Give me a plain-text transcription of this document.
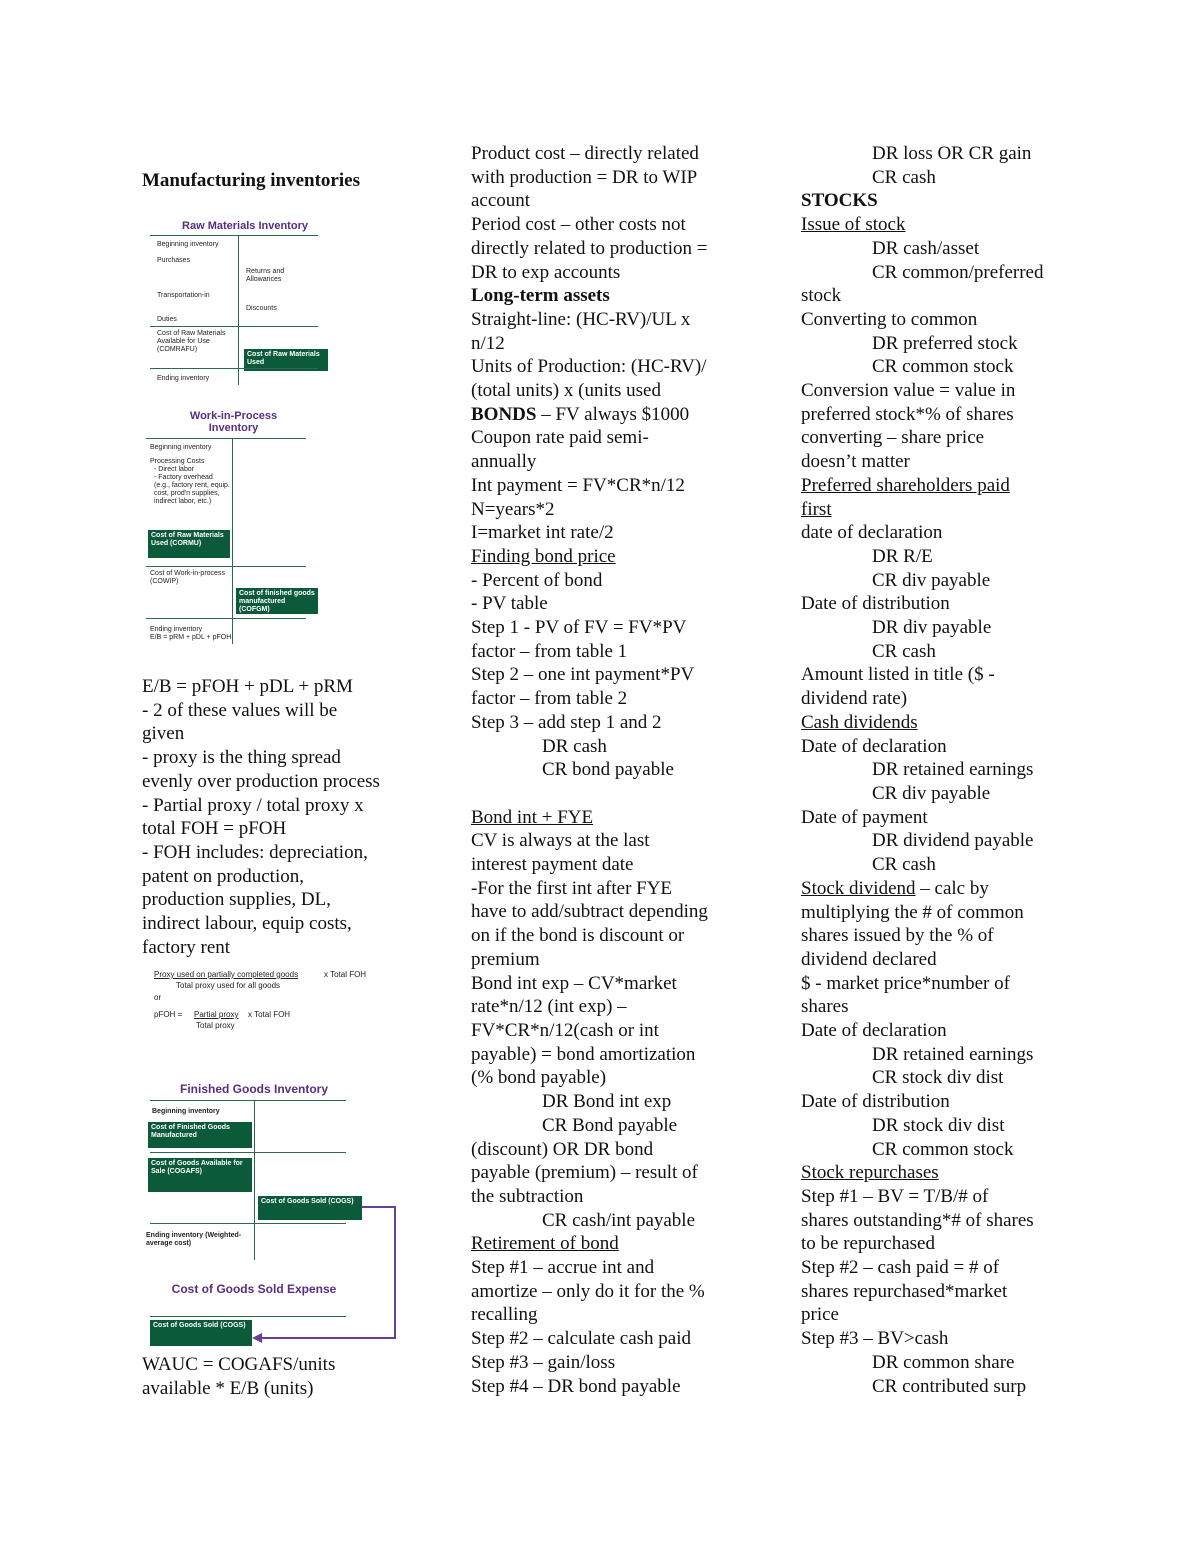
Manufacturing inventories
Raw Materials Inventory
Beginning inventory
Purchases
Returns and Allowances
Transportation-in
Discounts
Duties
Cost of Raw Materials Available for Use (COMRAFU)
Cost of Raw Materials Used
Ending inventory
Work-in-Process Inventory
Beginning inventory
Processing Costs
- Direct labor
- Factory overhead (e.g., factory rent, equip. cost, prod'n supplies, indirect labor, etc.)
Cost of Raw Materials Used (CORMU)
Cost of Work-in-process (COWIP)
Cost of finished goods manufactured (COFGM)
Ending inventory
E/B = pRM + pDL + pFOH
E/B = pFOH + pDL + pRM
- 2 of these values will be
given
- proxy is the thing spread
evenly over production process
- Partial proxy / total proxy x
total FOH = pFOH
- FOH includes: depreciation,
patent on production,
production supplies, DL,
indirect labour, equip costs,
factory rent
Proxy used on partially completed goods	x Total FOH
Total proxy used for all goods
or
pFOH = Partial proxy x Total FOH
Total proxy
Finished Goods Inventory
Beginning inventory
Cost of Finished Goods Manufactured
Cost of Goods Available for Sale (COGAFS)
Cost of Goods Sold (COGS)
Ending inventory (Weighted-average cost)
Cost of Goods Sold Expense
Cost of Goods Sold (COGS)
WAUC = COGAFS/units
available * E/B (units)
Product cost – directly related
with production = DR to WIP
account
Period cost – other costs not
directly related to production =
DR to exp accounts
Long-term assets
Straight-line: (HC-RV)/UL x
n/12
Units of Production: (HC-RV)/
(total units) x (units used
BONDS – FV always $1000
Coupon rate paid semi-
annually
Int payment = FV*CR*n/12
N=years*2
I=market int rate/2
Finding bond price
- Percent of bond
- PV table
Step 1 - PV of FV = FV*PV
factor – from table 1
Step 2 – one int payment*PV
factor – from table 2
Step 3 – add step 1 and 2
DR cash
CR bond payable
Bond int + FYE
CV is always at the last
interest payment date
-For the first int after FYE
have to add/subtract depending
on if the bond is discount or
premium
Bond int exp – CV*market
rate*n/12 (int exp) –
FV*CR*n/12(cash or int
payable) = bond amortization
(% bond payable)
DR Bond int exp
CR Bond payable
(discount) OR DR bond
payable (premium) – result of
the subtraction
CR cash/int payable
Retirement of bond
Step #1 – accrue int and
amortize – only do it for the %
recalling
Step #2 – calculate cash paid
Step #3 – gain/loss
Step #4 – DR bond payable
DR loss OR CR gain
CR cash
STOCKS
Issue of stock
DR cash/asset
CR common/preferred
stock
Converting to common
DR preferred stock
CR common stock
Conversion value = value in
preferred stock*% of shares
converting – share price
doesn’t matter
Preferred shareholders paid
first
date of declaration
DR R/E
CR div payable
Date of distribution
DR div payable
CR cash
Amount listed in title ($ -
dividend rate)
Cash dividends
Date of declaration
DR retained earnings
CR div payable
Date of payment
DR dividend payable
CR cash
Stock dividend – calc by
multiplying the # of common
shares issued by the % of
dividend declared
$ - market price*number of
shares
Date of declaration
DR retained earnings
CR stock div dist
Date of distribution
DR stock div dist
CR common stock
Stock repurchases
Step #1 – BV = T/B/# of
shares outstanding*# of shares
to be repurchased
Step #2 – cash paid = # of
shares repurchased*market
price
Step #3 – BV>cash
DR common share
CR contributed surp
